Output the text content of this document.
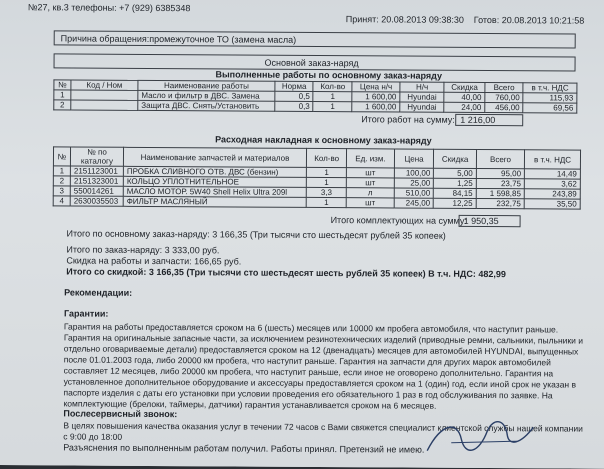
№27, кв.3 телефоны: +7 (929) 6385348
Принят: 20.08.2013 09:38:30 Готов: 20.08.2013 10:21:58
Причина обращения:промежуточное ТО (замена масла)
Основной заказ-наряд
Выполненные работы по основному заказ-наряду
№	Код / Ном	Наименование работы	Норма	Кол-во	Цена н/ч	Н/ч	Скидка	Всего	в т.ч. НДС
1		Масло и фильтр в ДВС. Замена	0,5	1	1 600,00	Hyundai	40,00	760,00	115,93
2		Защита ДВС. Снять/Установить	0,3	1	1 600,00	Hyundai	24,00	456,00	69,56
Итого работ на сумму: 1 216,00
Расходная накладная к основному заказ-наряду
№	№ по каталогу	Наименование запчастей и материалов	Кол-во	Ед. изм.	Цена	Скидка	Всего	в т.ч. НДС
1	2151123001	ПРОБКА СЛИВНОГО ОТВ. ДВС (бензин)	1	шт	100,00	5,00	95,00	14,49
2	2151323001	КОЛЬЦО УПЛОТНИТЕЛЬНОЕ	1	шт	25,00	1,25	23,75	3,62
3	550014261	МАСЛО МОТОР. 5W40 Shell Helix Ultra 209l	3,3	л	510,00	84,15	1 598,85	243,89
4	2630035503	ФИЛЬТР МАСЛЯНЫЙ	1	шт	245,00	12,25	232,75	35,50
Итого комплектующих на сумму:
1 950,35
Итого по основному заказ-наряду: 3 166,35 (Три тысячи сто шестьдесят рублей 35 копеек)
Итого по заказ-наряду: 3 333,00 руб.
Скидка на работы и запчасти: 166,65 руб.
Итого со скидкой: 3 166,35 (Три тысячи сто шестьдесят шесть рублей 35 копеек) В т.ч. НДС: 482,99
Рекомендации:
Гарантии:
Гарантия на работы предоставляется сроком на 6 (шесть) месяцев или 10000 км пробега автомобиля, что наступит раньше. Гарантия на оригинальные запасные части, за исключением резинотехнических изделий (приводные ремни, сальники, пыльники и отдельно оговариваемые детали) предоставляется сроком на 12 (двенадцать) месяцев для автомобилей HYUNDAI, выпущенных после 01.01.2003 года, либо 20000 км пробега, что наступит раньше. Гарантия на запчасти для других марок автомобилей составляет 12 месяцев, либо 20000 км пробега, что наступит раньше, если иное не оговорено дополнительно. Гарантия на установленное дополнительное оборудование и аксессуары предоставляется сроком на 1 (один) год, если иной срок не указан в паспорте изделия с даты его установки при условии проведения его обязательного 1 раз в год обслуживания по заявке. На комплектующие (брелоки, таймеры, датчики) гарантия устанавливается сроком на 6 месяцев.
Послесервисный звонок:
В целях повышения качества оказания услуг в течении 72 часов с Вами свяжется специалист клиентской службы нашей компании с 9:00 до 18:00
Разъяснения по выполненным работам получил. Работы принял. Претензий не имею.
